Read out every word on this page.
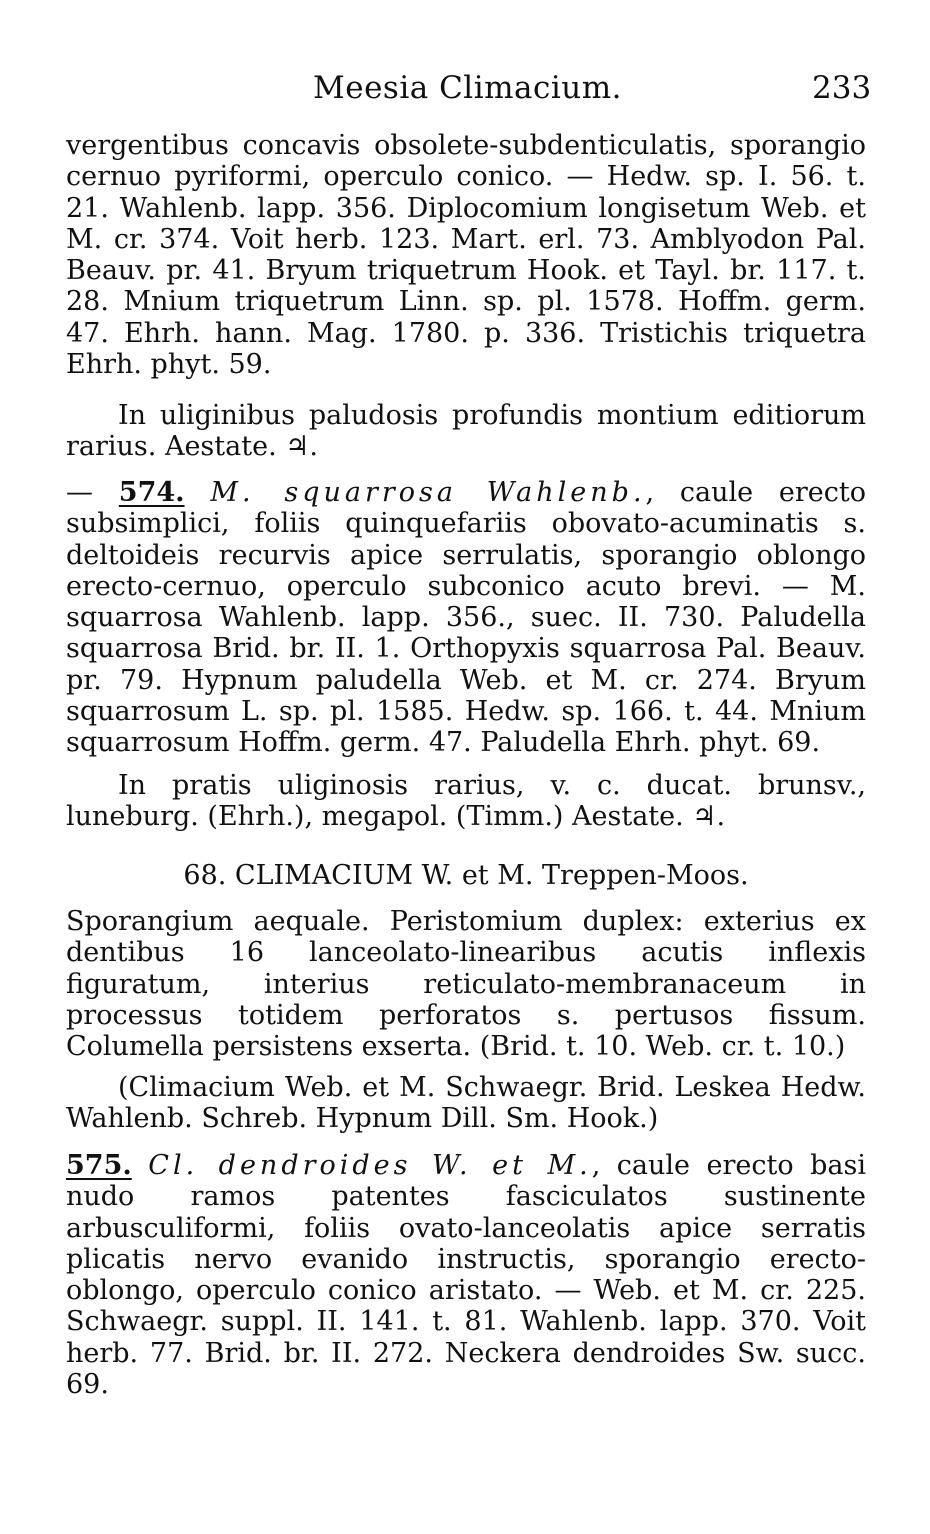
Meesia Climacium.	233

vergentibus concavis obsolete-subdenticulatis, sporangio cernuo pyriformi, operculo conico. — Hedw. sp. I. 56. t. 21. Wahlenb. lapp. 356. Diplocomium longisetum Web. et M. cr. 374. Voit herb. 123. Mart. erl. 73. Amblyodon Pal. Beauv. pr. 41. Bryum triquetrum Hook. et Tayl. br. 117. t. 28. Mnium triquetrum Linn. sp. pl. 1578. Hoffm. germ. 47. Ehrh. hann. Mag. 1780. p. 336. Tristichis triquetra Ehrh. phyt. 59.

In uliginibus paludosis profundis montium editiorum rarius. Aestate. ♃.

— 574. M. squarrosa Wahlenb., caule erecto subsimplici, foliis quinquefariis obovato-acuminatis s. deltoideis recurvis apice serrulatis, sporangio oblongo erecto-cernuo, operculo subconico acuto brevi. — M. squarrosa Wahlenb. lapp. 356., suec. II. 730. Paludella squarrosa Brid. br. II. 1. Orthopyxis squarrosa Pal. Beauv. pr. 79. Hypnum paludella Web. et M. cr. 274. Bryum squarrosum L. sp. pl. 1585. Hedw. sp. 166. t. 44. Mnium squarrosum Hoffm. germ. 47. Paludella Ehrh. phyt. 69.

In pratis uliginosis rarius, v. c. ducat. brunsv., luneburg. (Ehrh.), megapol. (Timm.) Aestate. ♃.

68. CLIMACIUM W. et M. Treppen-Moos.

Sporangium aequale. Peristomium duplex: exterius ex dentibus 16 lanceolato-linearibus acutis inflexis figuratum, interius reticulato-membranaceum in processus totidem perforatos s. pertusos fissum. Columella persistens exserta. (Brid. t. 10. Web. cr. t. 10.)

(Climacium Web. et M. Schwaegr. Brid. Leskea Hedw. Wahlenb. Schreb. Hypnum Dill. Sm. Hook.)

575. Cl. dendroides W. et M., caule erecto basi nudo ramos patentes fasciculatos sustinente arbusculiformi, foliis ovato-lanceolatis apice serratis plicatis nervo evanido instructis, sporangio erecto-oblongo, operculo conico aristato. — Web. et M. cr. 225. Schwaegr. suppl. II. 141. t. 81. Wahlenb. lapp. 370. Voit herb. 77. Brid. br. II. 272. Neckera dendroides Sw. succ. 69.
